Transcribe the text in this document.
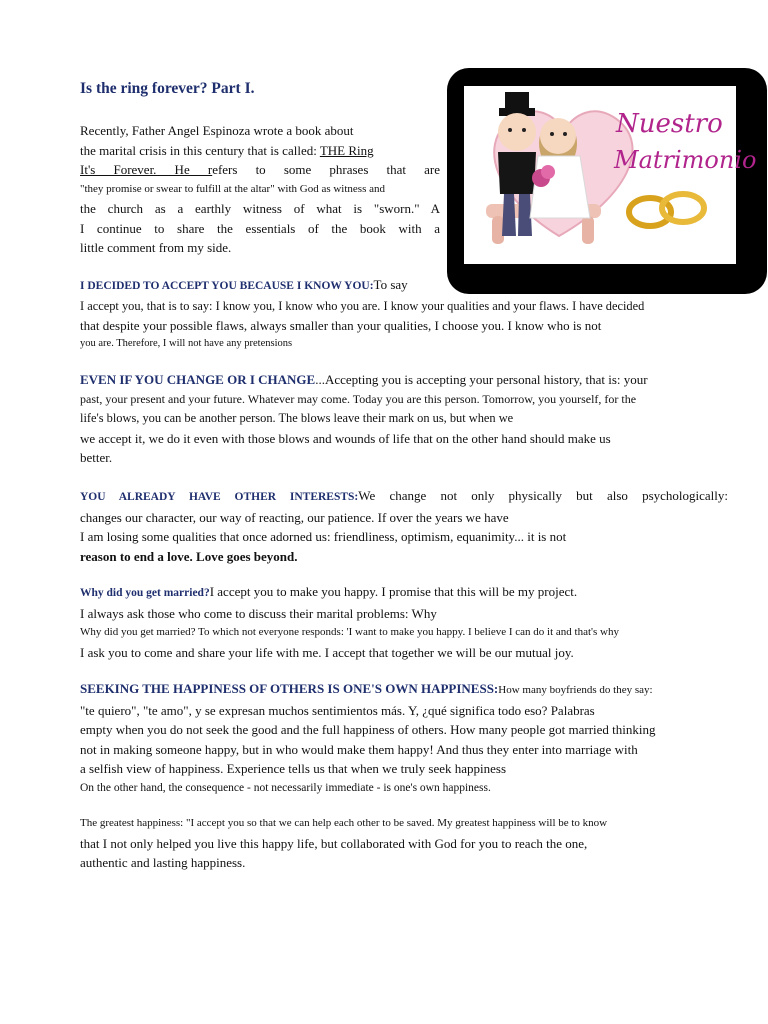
Is the ring forever? Part I.
Recently, Father Angel Espinoza wrote a book about
the marital crisis in this century that is called: THE Ring
It's Forever. He refers to some phrases that are
"they promise or swear to fulfill at the altar" with God as witness and
the church as a earthly witness of what is "sworn." A
I continue to share the essentials of the book with a
little comment from my side.
Nuestro
Matrimonio
I DECIDED TO ACCEPT YOU BECAUSE I KNOW YOU:To say
I accept you, that is to say: I know you, I know who you are. I know your qualities and your flaws. I have decided
that despite your possible flaws, always smaller than your qualities, I choose you. I know who is not
you are. Therefore, I will not have any pretensions
EVEN IF YOU CHANGE OR I CHANGE...Accepting you is accepting your personal history, that is: your
past, your present and your future. Whatever may come. Today you are this person. Tomorrow, you yourself, for the
life's blows, you can be another person. The blows leave their mark on us, but when we
we accept it, we do it even with those blows and wounds of life that on the other hand should make us
better.
YOU ALREADY HAVE OTHER INTERESTS:We change not only physically but also psychologically:
changes our character, our way of reacting, our patience. If over the years we have
I am losing some qualities that once adorned us: friendliness, optimism, equanimity... it is not
reason to end a love. Love goes beyond.
Why did you get married?I accept you to make you happy. I promise that this will be my project.
I always ask those who come to discuss their marital problems: Why
Why did you get married? To which not everyone responds: 'I want to make you happy. I believe I can do it and that's why
I ask you to come and share your life with me. I accept that together we will be our mutual joy.
SEEKING THE HAPPINESS OF OTHERS IS ONE'S OWN HAPPINESS:How many boyfriends do they say:
"te quiero", "te amo", y se expresan muchos sentimientos más. Y, ¿qué significa todo eso? Palabras
empty when you do not seek the good and the full happiness of others. How many people got married thinking
not in making someone happy, but in who would make them happy! And thus they enter into marriage with
a selfish view of happiness. Experience tells us that when we truly seek happiness
On the other hand, the consequence - not necessarily immediate - is one's own happiness.
The greatest happiness: "I accept you so that we can help each other to be saved. My greatest happiness will be to know
that I not only helped you live this happy life, but collaborated with God for you to reach the one,
authentic and lasting happiness.
